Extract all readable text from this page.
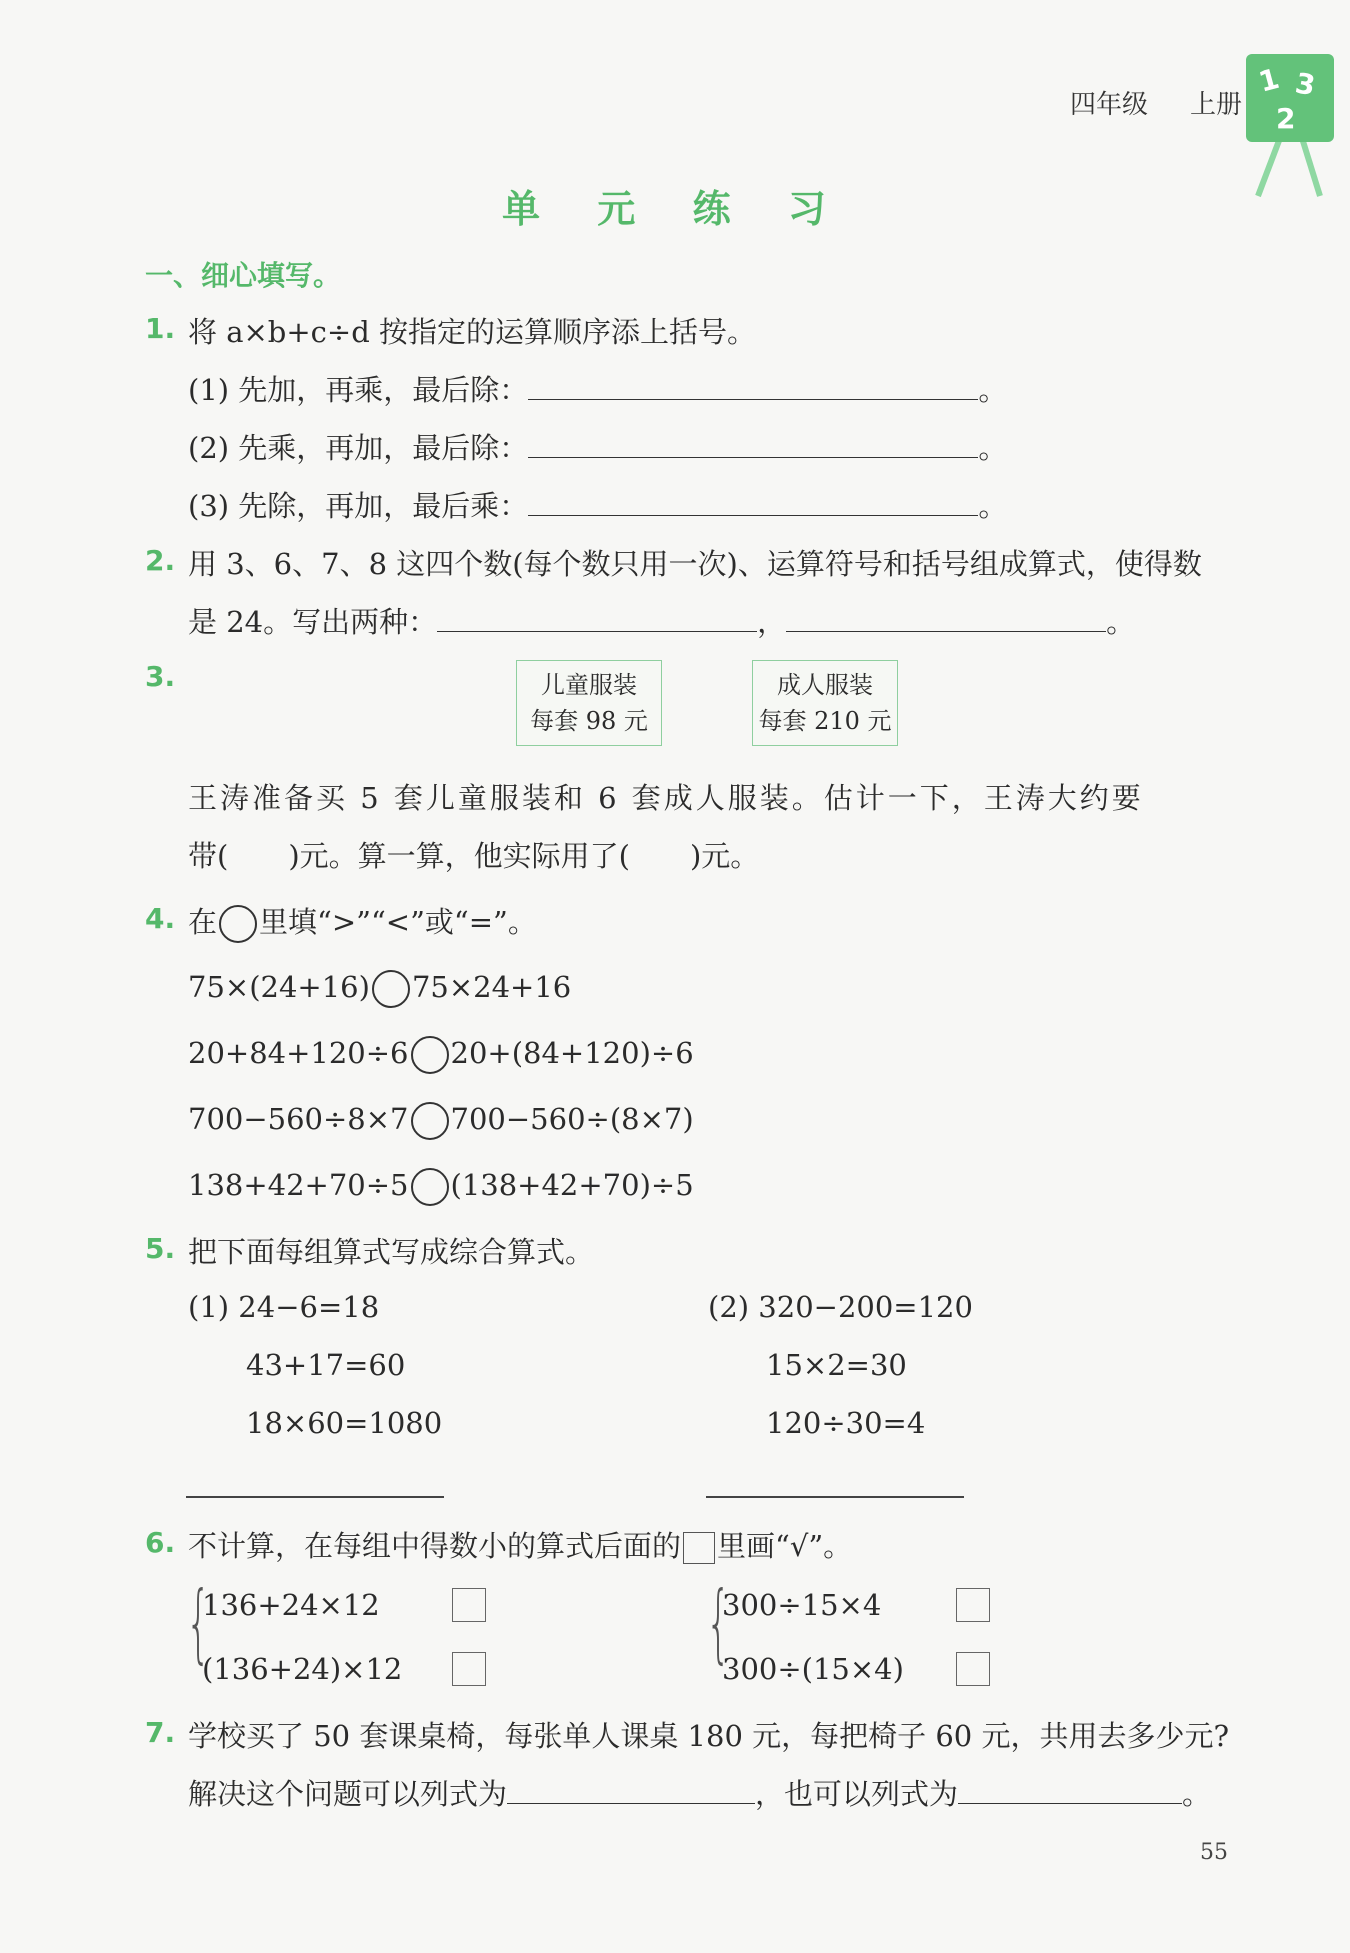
四年级 上册
1 3
2
单 元 练 习
一、细心填写。
1. 将 a×b+c÷d 按指定的运算顺序添上括号。
(1) 先加，再乘，最后除：	。
(2) 先乘，再加，最后除：	。
(3) 先除，再加，最后乘：	。
2. 用 3、6、7、8 这四个数(每个数只用一次)、运算符号和括号组成算式，使得数
是 24。写出两种：	，	。
3.	儿童服装
每套 98 元
成人服装
每套 210 元
王涛准备买 5 套儿童服装和 6 套成人服装。估计一下，王涛大约要
带( )元。算一算，他实际用了( )元。
4. 在 里填“>”“<”或“=”。
75×(24+16) 75×24+16
20+84+120÷6 20+(84+120)÷6
700−560÷8×7 700−560÷(8×7)
138+42+70÷5 (138+42+70)÷5
5. 把下面每组算式写成综合算式。
(1) 24−6=18
43+17=60
18×60=1080
(2) 320−200=120
15×2=30
120÷30=4
6. 不计算，在每组中得数小的算式后面的 里画“√”。
{
136+24×12
(136+24)×12	{
300÷15×4
300÷(15×4)
7. 学校买了 50 套课桌椅，每张单人课桌 180 元，每把椅子 60 元，共用去多少元?
解决这个问题可以列式为	，也可以列式为	。
55
